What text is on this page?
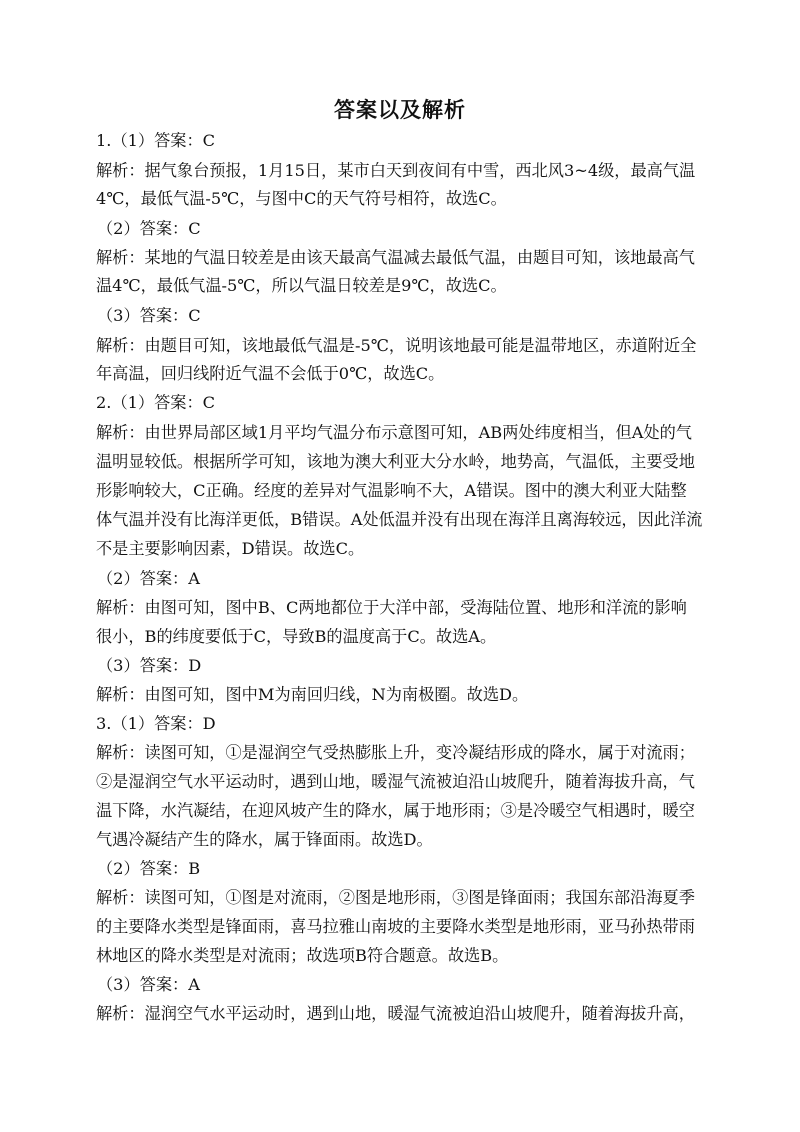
答案以及解析
1.（1）答案：C
解析：据气象台预报，1月15日，某市白天到夜间有中雪，西北风3~4级，最高气温
4℃，最低气温-5℃，与图中C的天气符号相符，故选C。
（2）答案：C
解析：某地的气温日较差是由该天最高气温减去最低气温，由题目可知，该地最高气
温4℃，最低气温-5℃，所以气温日较差是9℃，故选C。
（3）答案：C
解析：由题目可知，该地最低气温是-5℃，说明该地最可能是温带地区，赤道附近全
年高温，回归线附近气温不会低于0℃，故选C。
2.（1）答案：C
解析：由世界局部区域1月平均气温分布示意图可知，AB两处纬度相当，但A处的气
温明显较低。根据所学可知，该地为澳大利亚大分水岭，地势高，气温低，主要受地
形影响较大，C正确。经度的差异对气温影响不大，A错误。图中的澳大利亚大陆整
体气温并没有比海洋更低，B错误。A处低温并没有出现在海洋且离海较远，因此洋流
不是主要影响因素，D错误。故选C。
（2）答案：A
解析：由图可知，图中B、C两地都位于大洋中部，受海陆位置、地形和洋流的影响
很小，B的纬度要低于C，导致B的温度高于C。故选A。
（3）答案：D
解析：由图可知，图中M为南回归线，N为南极圈。故选D。
3.（1）答案：D
解析：读图可知，①是湿润空气受热膨胀上升，变冷凝结形成的降水，属于对流雨；
②是湿润空气水平运动时，遇到山地，暖湿气流被迫沿山坡爬升，随着海拔升高，气
温下降，水汽凝结，在迎风坡产生的降水，属于地形雨；③是冷暖空气相遇时，暖空
气遇冷凝结产生的降水，属于锋面雨。故选D。
（2）答案：B
解析：读图可知，①图是对流雨，②图是地形雨，③图是锋面雨；我国东部沿海夏季
的主要降水类型是锋面雨，喜马拉雅山南坡的主要降水类型是地形雨，亚马孙热带雨
林地区的降水类型是对流雨；故选项B符合题意。故选B。
（3）答案：A
解析：湿润空气水平运动时，遇到山地，暖湿气流被迫沿山坡爬升，随着海拔升高，
